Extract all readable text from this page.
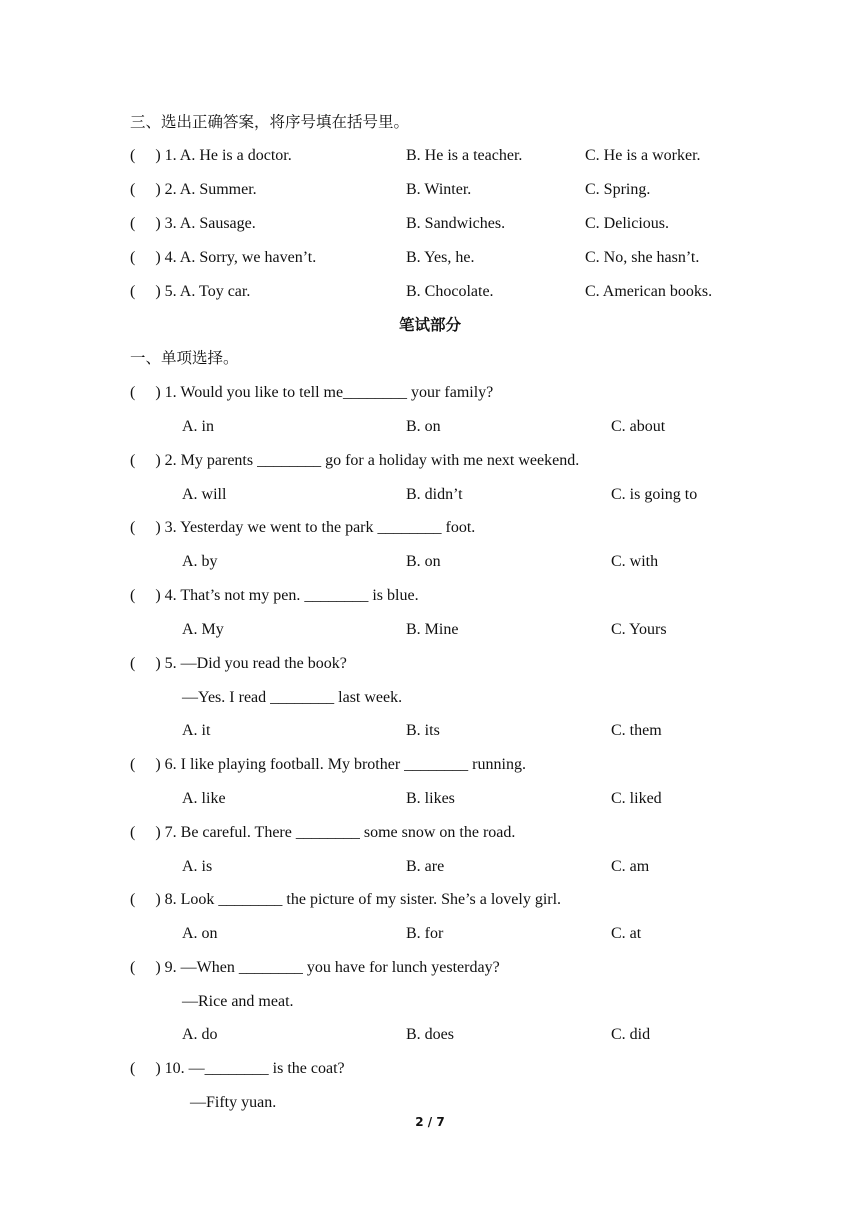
三、选出正确答案，将序号填在括号里。
(     ) 1. A. He is a doctor.	B. He is a teacher.	C. He is a worker.
(     ) 2. A. Summer.	B. Winter.	C. Spring.
(     ) 3. A. Sausage.	B. Sandwiches.	C. Delicious.
(     ) 4. A. Sorry, we haven’t.	B. Yes, he.	C. No, she hasn’t.
(     ) 5. A. Toy car.	B. Chocolate.	C. American books.
笔试部分
一、单项选择。
(     ) 1. Would you like to tell me________ your family?
A. in	B. on	C. about
(     ) 2. My parents ________ go for a holiday with me next weekend.
A. will	B. didn’t	C. is going to
(     ) 3. Yesterday we went to the park ________ foot.
A. by	B. on	C. with
(     ) 4. That’s not my pen. ________ is blue.
A. My	B. Mine	C. Yours
(     ) 5. —Did you read the book?
—Yes. I read ________ last week.
A. it	B. its	C. them
(     ) 6. I like playing football. My brother ________ running.
A. like	B. likes	C. liked
(     ) 7. Be careful. There ________ some snow on the road.
A. is	B. are	C. am
(     ) 8. Look ________ the picture of my sister. She’s a lovely girl.
A. on	B. for	C. at
(     ) 9. —When ________ you have for lunch yesterday?
—Rice and meat.
A. do	B. does	C. did
(     ) 10. —________ is the coat?
—Fifty yuan.
2 / 7
